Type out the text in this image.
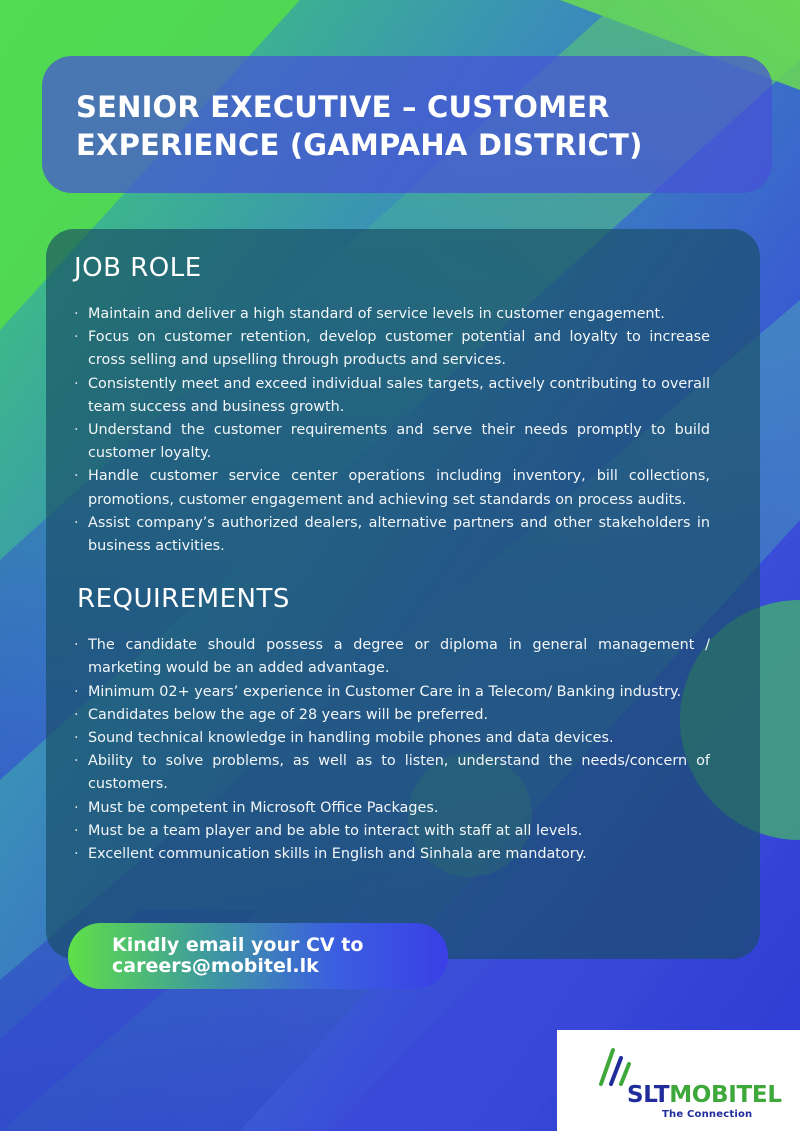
SENIOR EXECUTIVE – CUSTOMER EXPERIENCE (GAMPAHA DISTRICT)
JOB ROLE
· Maintain and deliver a high standard of service levels in customer engagement.
· Focus on customer retention, develop customer potential and loyalty to increase cross selling and upselling through products and services.
· Consistently meet and exceed individual sales targets, actively contributing to overall team success and business growth.
· Understand the customer requirements and serve their needs promptly to build customer loyalty.
· Handle customer service center operations including inventory, bill collections, promotions, customer engagement and achieving set standards on process audits.
· Assist company’s authorized dealers, alternative partners and other stakeholders in business activities.
REQUIREMENTS
· The candidate should possess a degree or diploma in general management / marketing would be an added advantage.
· Minimum 02+ years’ experience in Customer Care in a Telecom/ Banking industry.
· Candidates below the age of 28 years will be preferred.
· Sound technical knowledge in handling mobile phones and data devices.
· Ability to solve problems, as well as to listen, understand the needs/concern of customers.
· Must be competent in Microsoft Office Packages.
· Must be a team player and be able to interact with staff at all levels.
· Excellent communication skills in English and Sinhala are mandatory.
Kindly email your CV to
careers@mobitel.lk
SLTMOBITEL
The Connection
